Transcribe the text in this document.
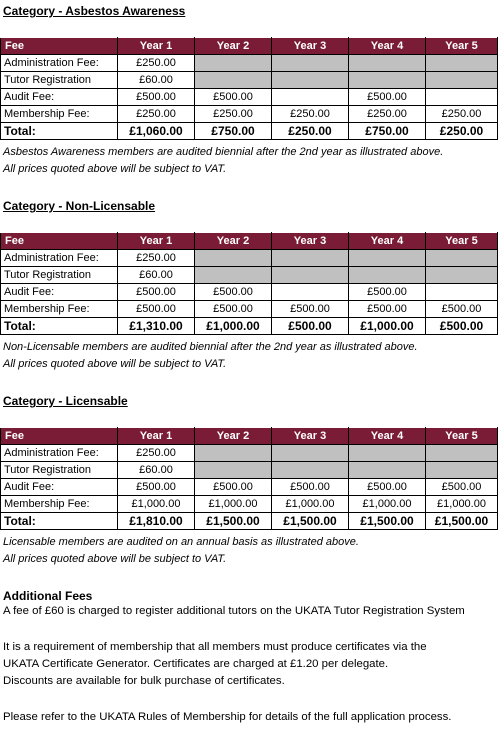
Category - Asbestos Awareness
Fee	Year 1	Year 2	Year 3	Year 4	Year 5
Administration Fee:	£250.00				
Tutor Registration	£60.00				
Audit Fee:	£500.00	£500.00		£500.00	
Membership Fee:	£250.00	£250.00	£250.00	£250.00	£250.00
Total:	£1,060.00	£750.00	£250.00	£750.00	£250.00
Asbestos Awareness members are audited biennial after the 2nd year as illustrated above.
All prices quoted above will be subject to VAT.
Category - Non-Licensable
Fee	Year 1	Year 2	Year 3	Year 4	Year 5
Administration Fee:	£250.00				
Tutor Registration	£60.00				
Audit Fee:	£500.00	£500.00		£500.00	
Membership Fee:	£500.00	£500.00	£500.00	£500.00	£500.00
Total:	£1,310.00	£1,000.00	£500.00	£1,000.00	£500.00
Non-Licensable members are audited biennial after the 2nd year as illustrated above.
All prices quoted above will be subject to VAT.
Category - Licensable
Fee	Year 1	Year 2	Year 3	Year 4	Year 5
Administration Fee:	£250.00				
Tutor Registration	£60.00				
Audit Fee:	£500.00	£500.00	£500.00	£500.00	£500.00
Membership Fee:	£1,000.00	£1,000.00	£1,000.00	£1,000.00	£1,000.00
Total:	£1,810.00	£1,500.00	£1,500.00	£1,500.00	£1,500.00
Licensable members are audited on an annual basis as illustrated above.
All prices quoted above will be subject to VAT.
Additional Fees
A fee of £60 is charged to register additional tutors on the UKATA Tutor Registration System
It is a requirement of membership that all members must produce certificates via the
UKATA Certificate Generator. Certificates are charged at £1.20 per delegate.
Discounts are available for bulk purchase of certificates.
Please refer to the UKATA Rules of Membership for details of the full application process.
